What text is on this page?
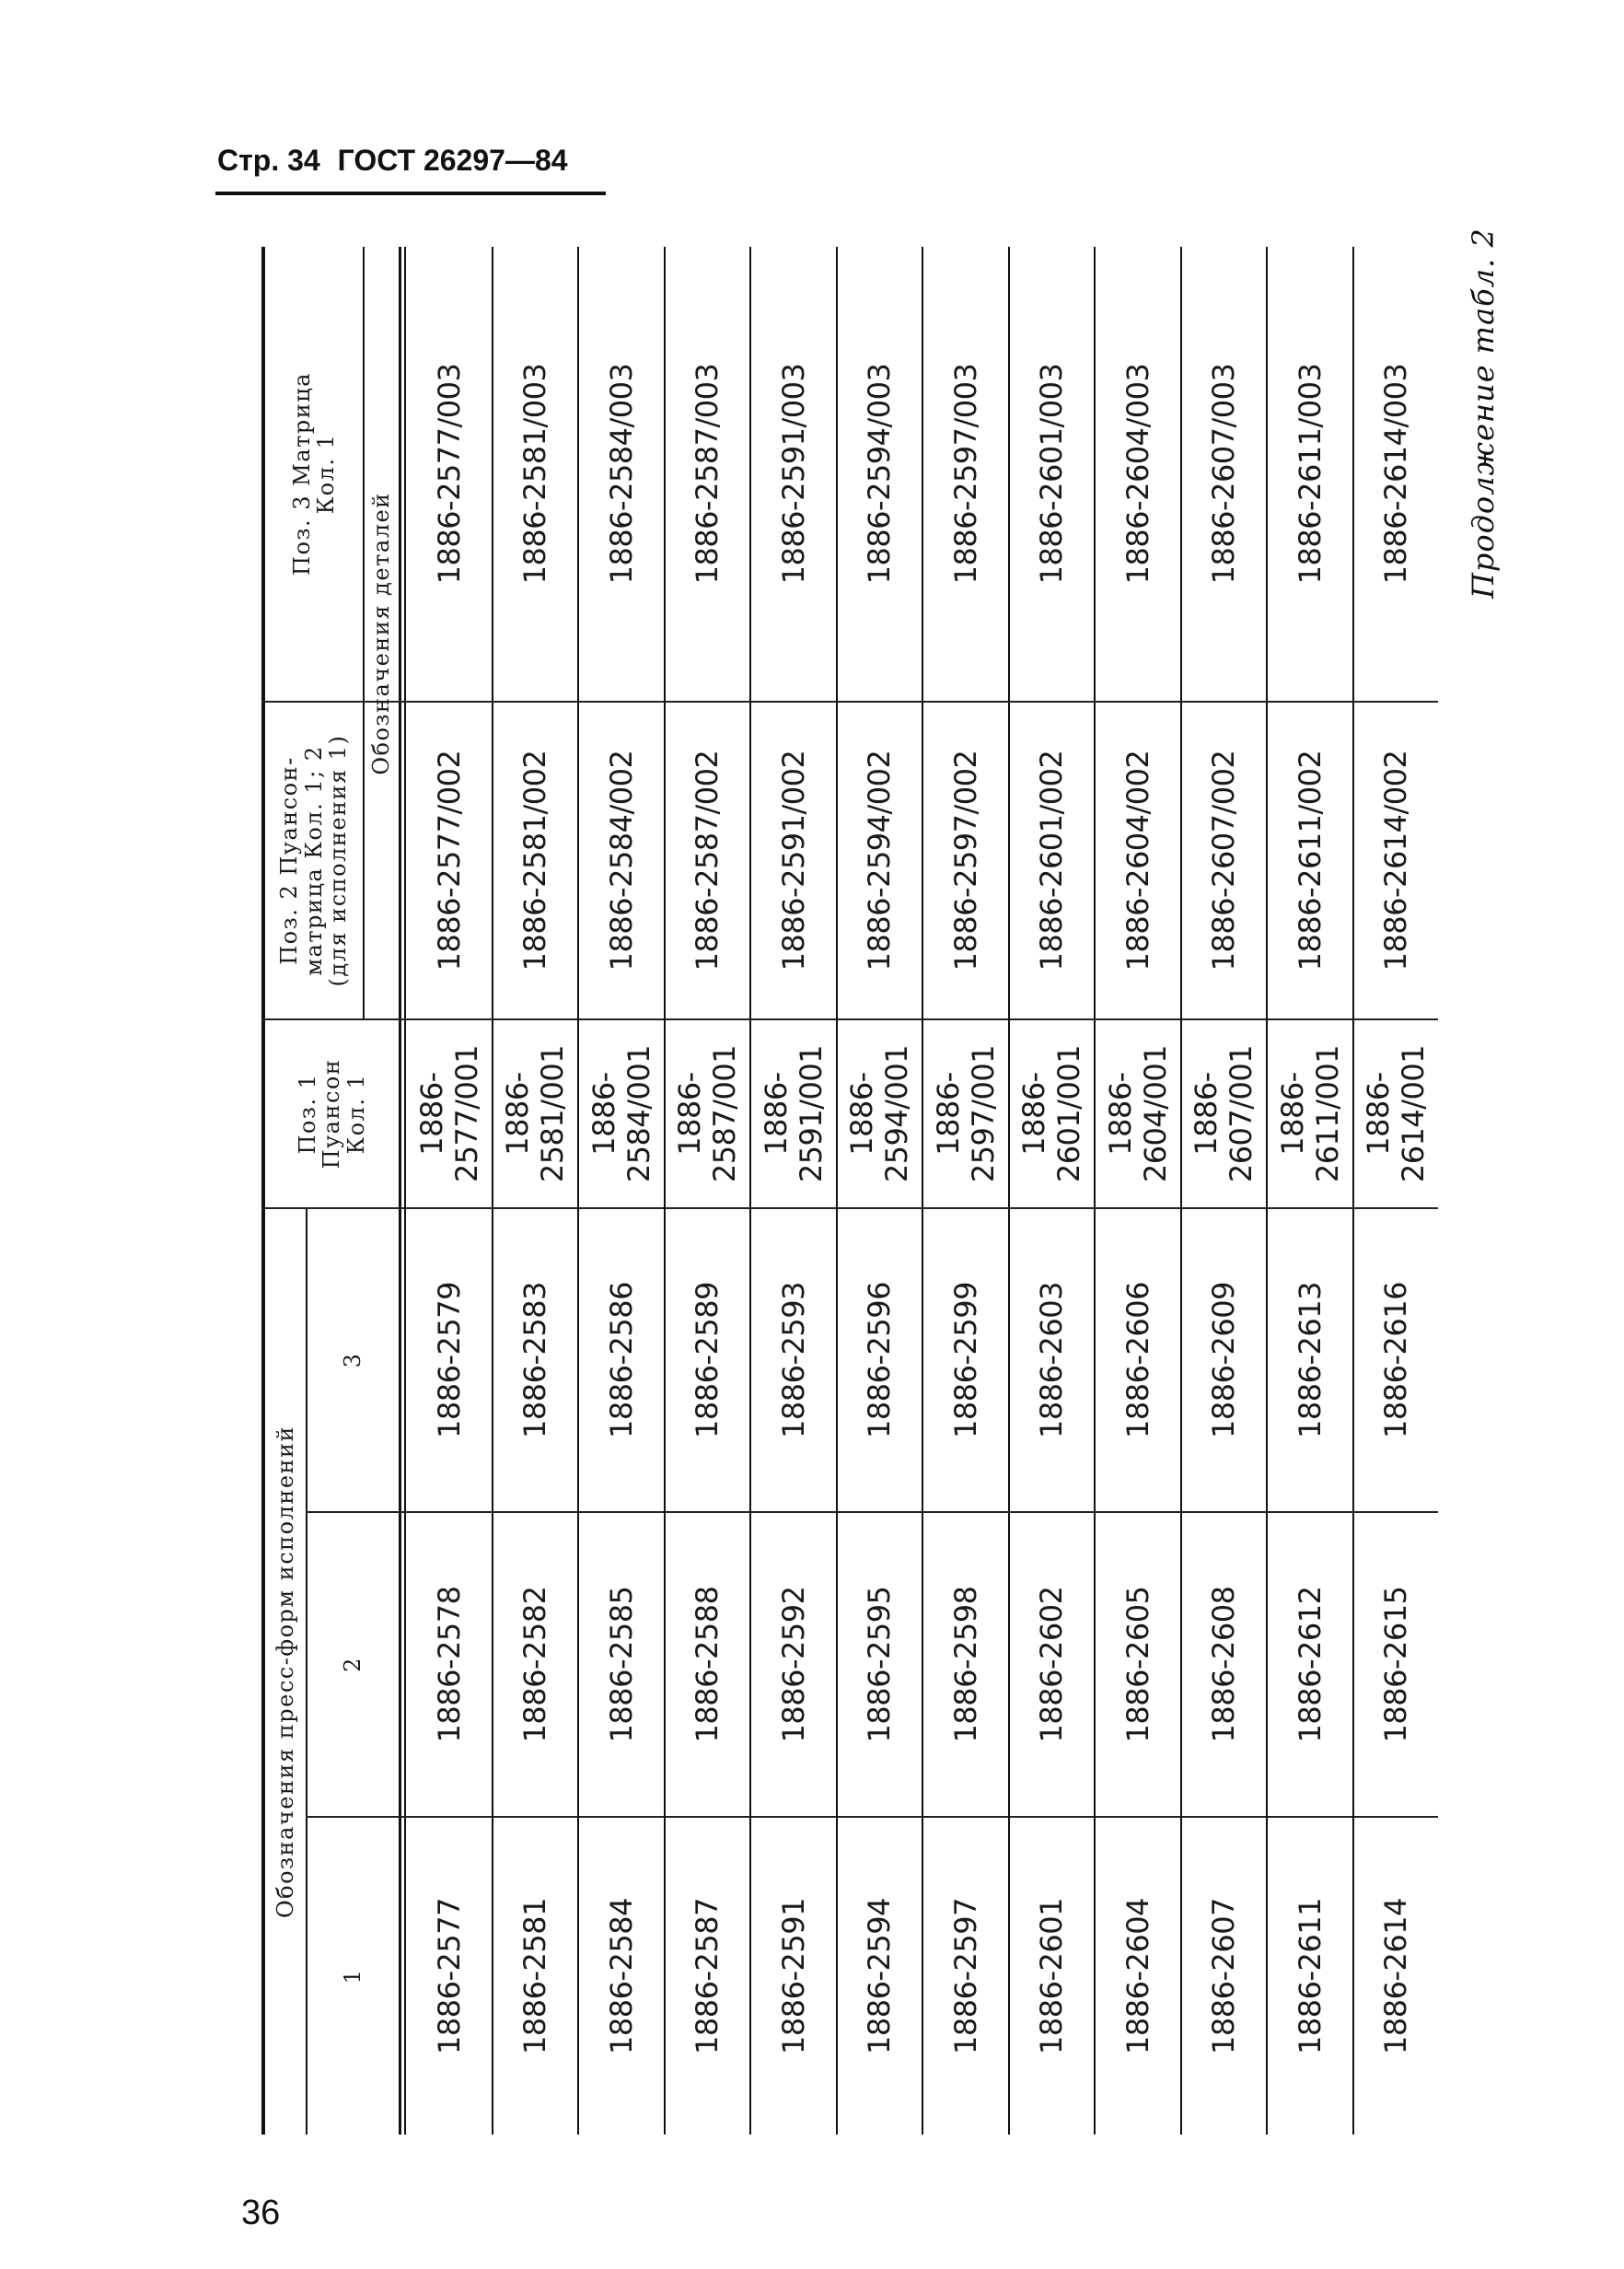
Стр. 34 ГОСТ 26297—84
Продолжение табл. 2
Обозначения пресс-форм исполнений
1
2
3
Поз. 1 Пуансон Кол. 1
Поз. 2 Пуансон-матрица Кол. 1; 2 (для исполнения 1)
Поз. 3 Матрица Кол. 1
Обозначения деталей
1886-2577
1886-2578
1886-2579
1886-2577/001
1886-2577/002
1886-2577/003
1886-2581
1886-2582
1886-2583
1886-2581/001
1886-2581/002
1886-2581/003
1886-2584
1886-2585
1886-2586
1886-2584/001
1886-2584/002
1886-2584/003
1886-2587
1886-2588
1886-2589
1886-2587/001
1886-2587/002
1886-2587/003
1886-2591
1886-2592
1886-2593
1886-2591/001
1886-2591/002
1886-2591/003
1886-2594
1886-2595
1886-2596
1886-2594/001
1886-2594/002
1886-2594/003
1886-2597
1886-2598
1886-2599
1886-2597/001
1886-2597/002
1886-2597/003
1886-2601
1886-2602
1886-2603
1886-2601/001
1886-2601/002
1886-2601/003
1886-2604
1886-2605
1886-2606
1886-2604/001
1886-2604/002
1886-2604/003
1886-2607
1886-2608
1886-2609
1886-2607/001
1886-2607/002
1886-2607/003
1886-2611
1886-2612
1886-2613
1886-2611/001
1886-2611/002
1886-2611/003
1886-2614
1886-2615
1886-2616
1886-2614/001
1886-2614/002
1886-2614/003
36
